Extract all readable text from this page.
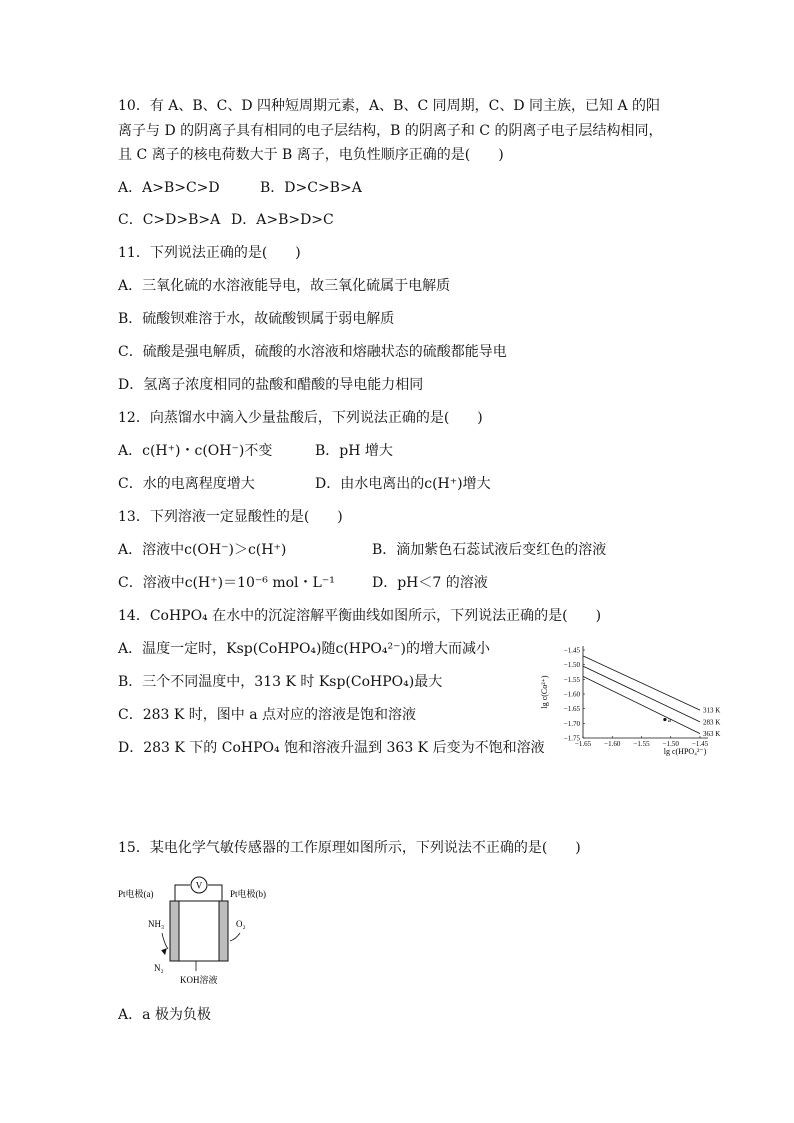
10．有 A、B、C、D 四种短周期元素，A、B、C 同周期，C、D 同主族，已知 A 的阳
离子与 D 的阴离子具有相同的电子层结构，B 的阴离子和 C 的阴离子电子层结构相同，
且 C 离子的核电荷数大于 B 离子，电负性顺序正确的是(　　)
A．A>B>C>D	B．D>C>B>A
C．C>D>B>A D．A>B>D>C
11．下列说法正确的是(　　)
A．三氧化硫的水溶液能导电，故三氧化硫属于电解质
B．硫酸钡难溶于水，故硫酸钡属于弱电解质
C．硫酸是强电解质，硫酸的水溶液和熔融状态的硫酸都能导电
D．氢离子浓度相同的盐酸和醋酸的导电能力相同
12．向蒸馏水中滴入少量盐酸后，下列说法正确的是(　　)
A．c(H⁺)・c(OH⁻)不变	B．pH 增大
C．水的电离程度增大	D．由水电离出的c(H⁺)增大
13．下列溶液一定显酸性的是(　　)
A．溶液中c(OH⁻)＞c(H⁺)	B．滴加紫色石蕊试液后变红色的溶液
C．溶液中c(H⁺)＝10⁻⁶ mol・L⁻¹	D．pH＜7 的溶液
14．CoHPO₄ 在水中的沉淀溶解平衡曲线如图所示，下列说法正确的是(　　)
A．温度一定时，Ksp(CoHPO₄)随c(HPO₄²⁻)的增大而减小
B．三个不同温度中，313 K 时 Ksp(CoHPO₄)最大
C．283 K 时，图中 a 点对应的溶液是饱和溶液
D．283 K 下的 CoHPO₄ 饱和溶液升温到 363 K 后变为不饱和溶液	−1.65 −1.60 −1.55 −1.50 −1.45
−1.45
−1.50
−1.55
−1.60
−1.65
−1.70
−1.75
313 K
283 K
363 K
a
lg c(Co²⁺)
lg c(HPO₄²⁻)
15．某电化学气敏传感器的工作原理如图所示，下列说法不正确的是(　　)
V
Pt电极(a)	Pt电极(b)
NH₃
N₂
O₂
KOH溶液
A．a 极为负极
